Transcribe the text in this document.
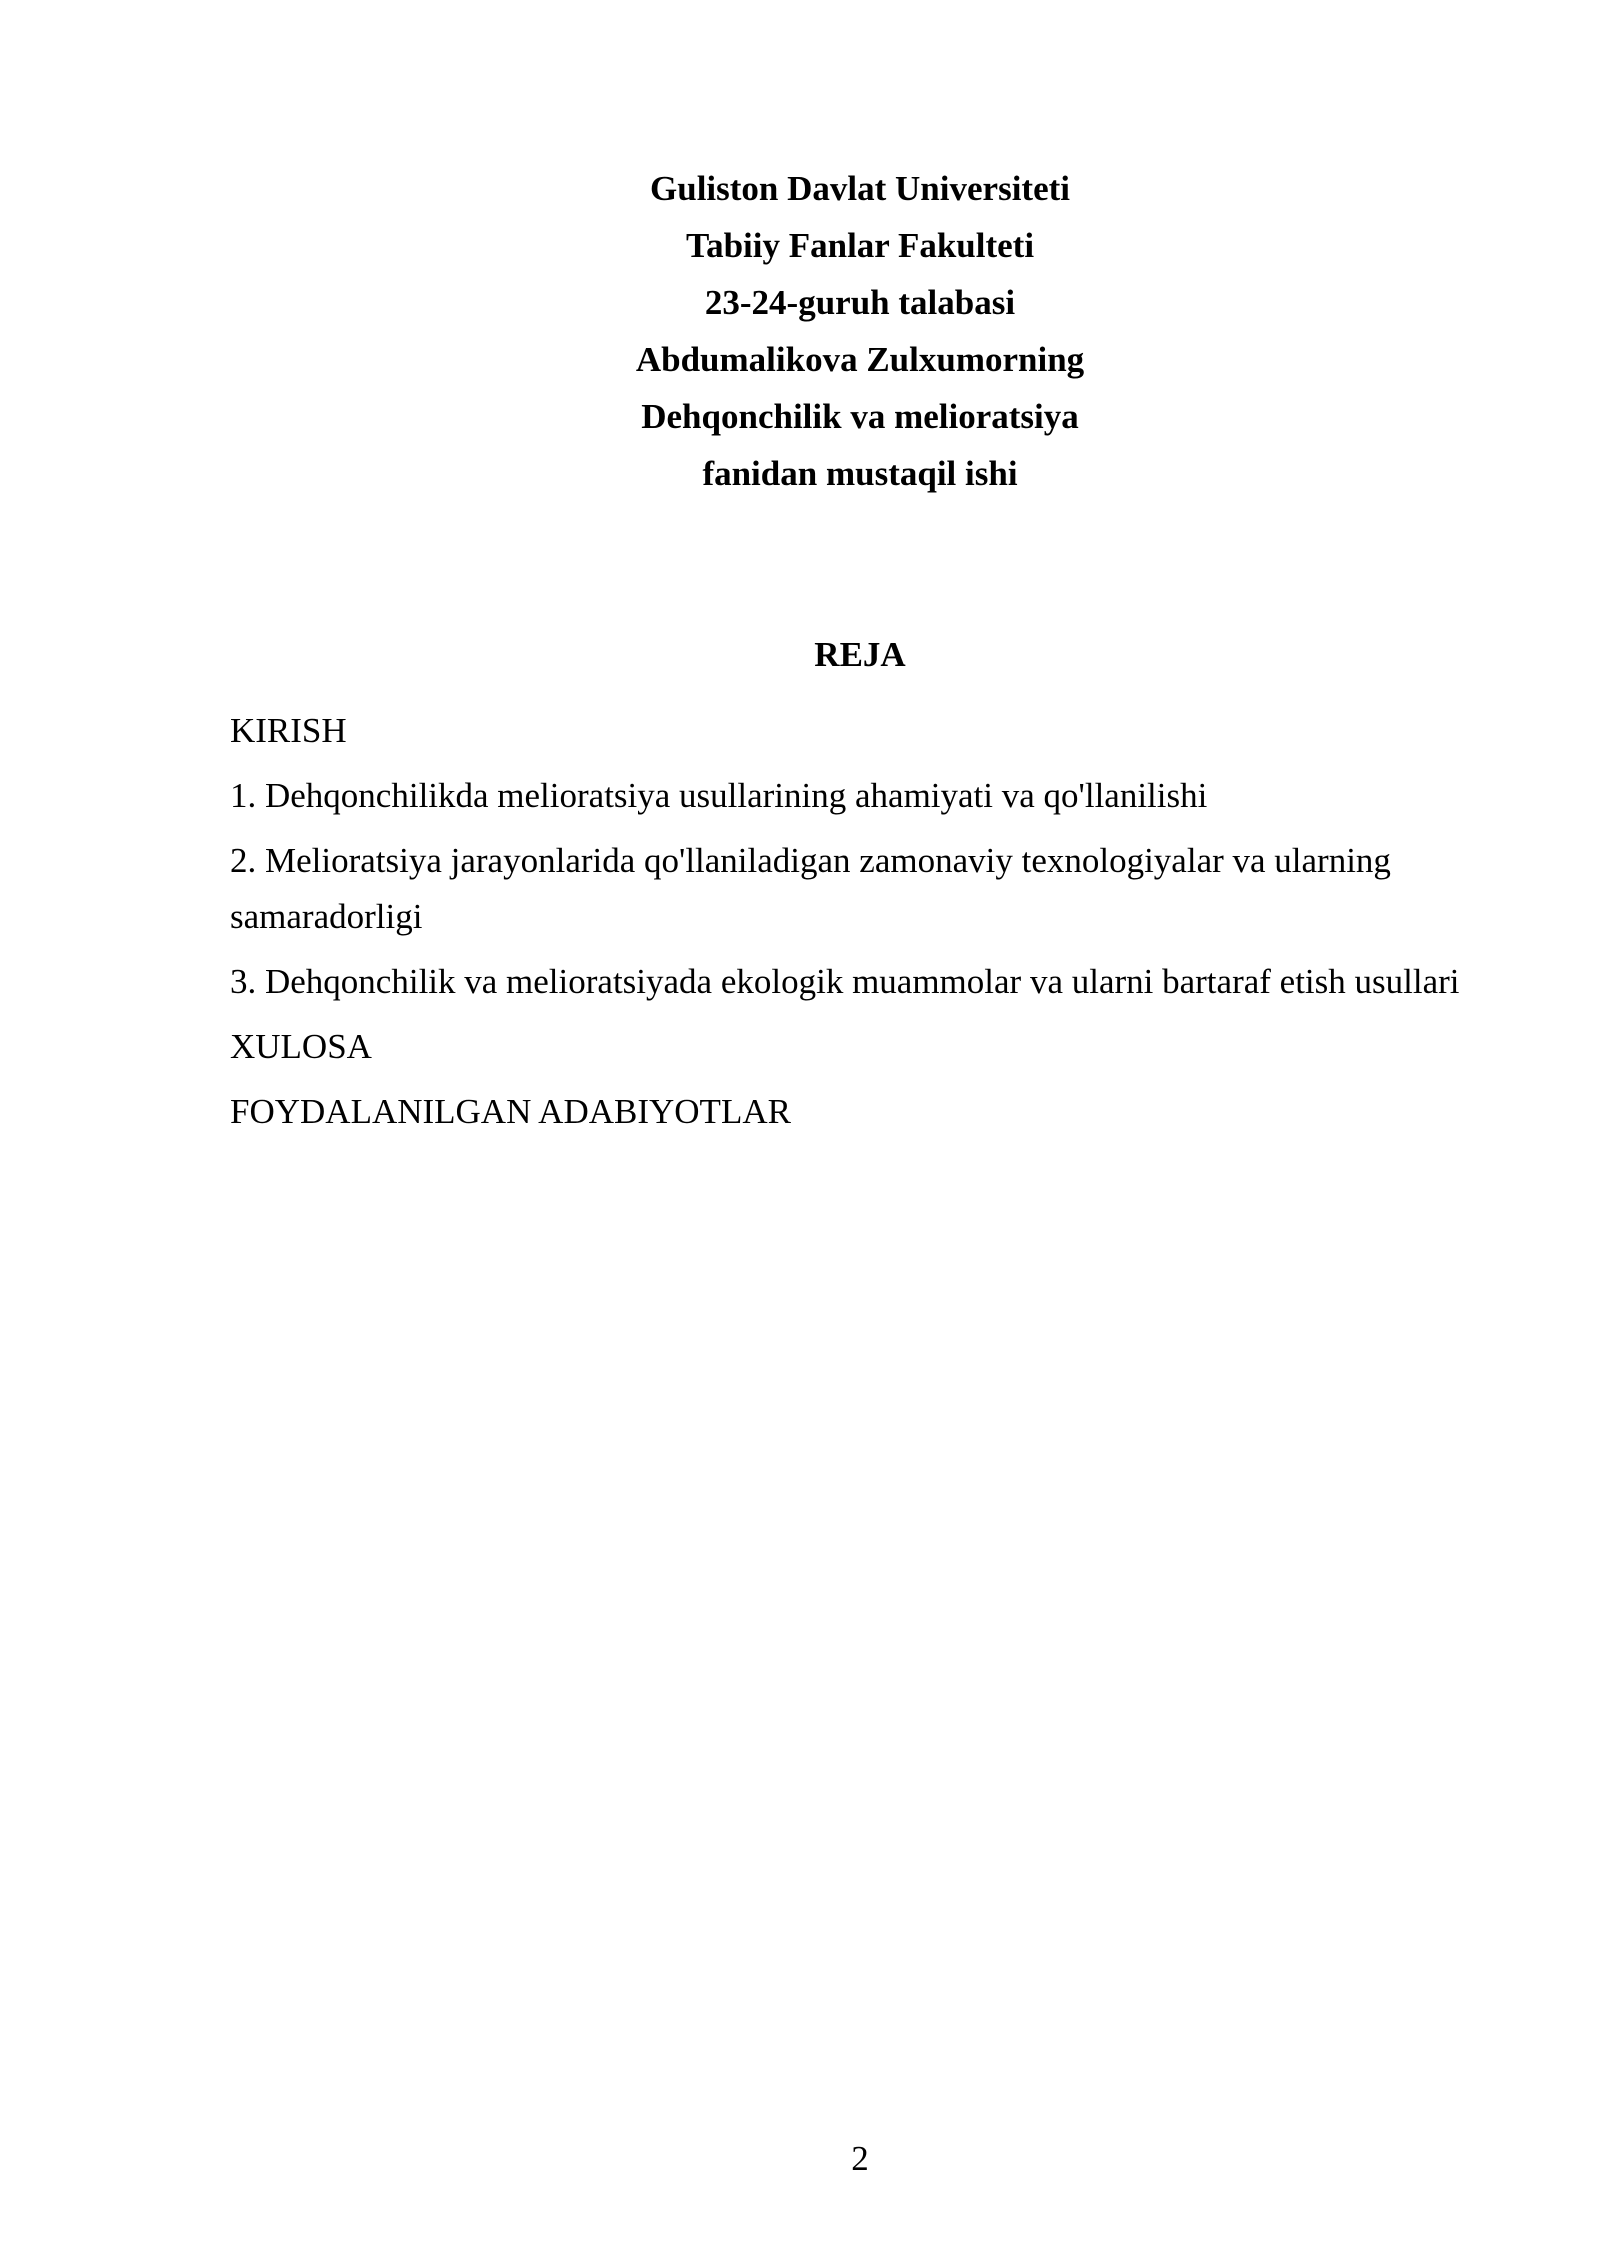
Guliston Davlat Universiteti
Tabiiy Fanlar Fakulteti
23-24-guruh talabasi
Abdumalikova Zulxumorning
Dehqonchilik va melioratsiya
fanidan mustaqil ishi
REJA
KIRISH
1. Dehqonchilikda melioratsiya usullarining ahamiyati va qo'llanilishi
2. Melioratsiya jarayonlarida qo'llaniladigan zamonaviy texnologiyalar va ularning samaradorligi
3. Dehqonchilik va melioratsiyada ekologik muammolar va ularni bartaraf etish usullari
XULOSA
FOYDALANILGAN ADABIYOTLAR
2
